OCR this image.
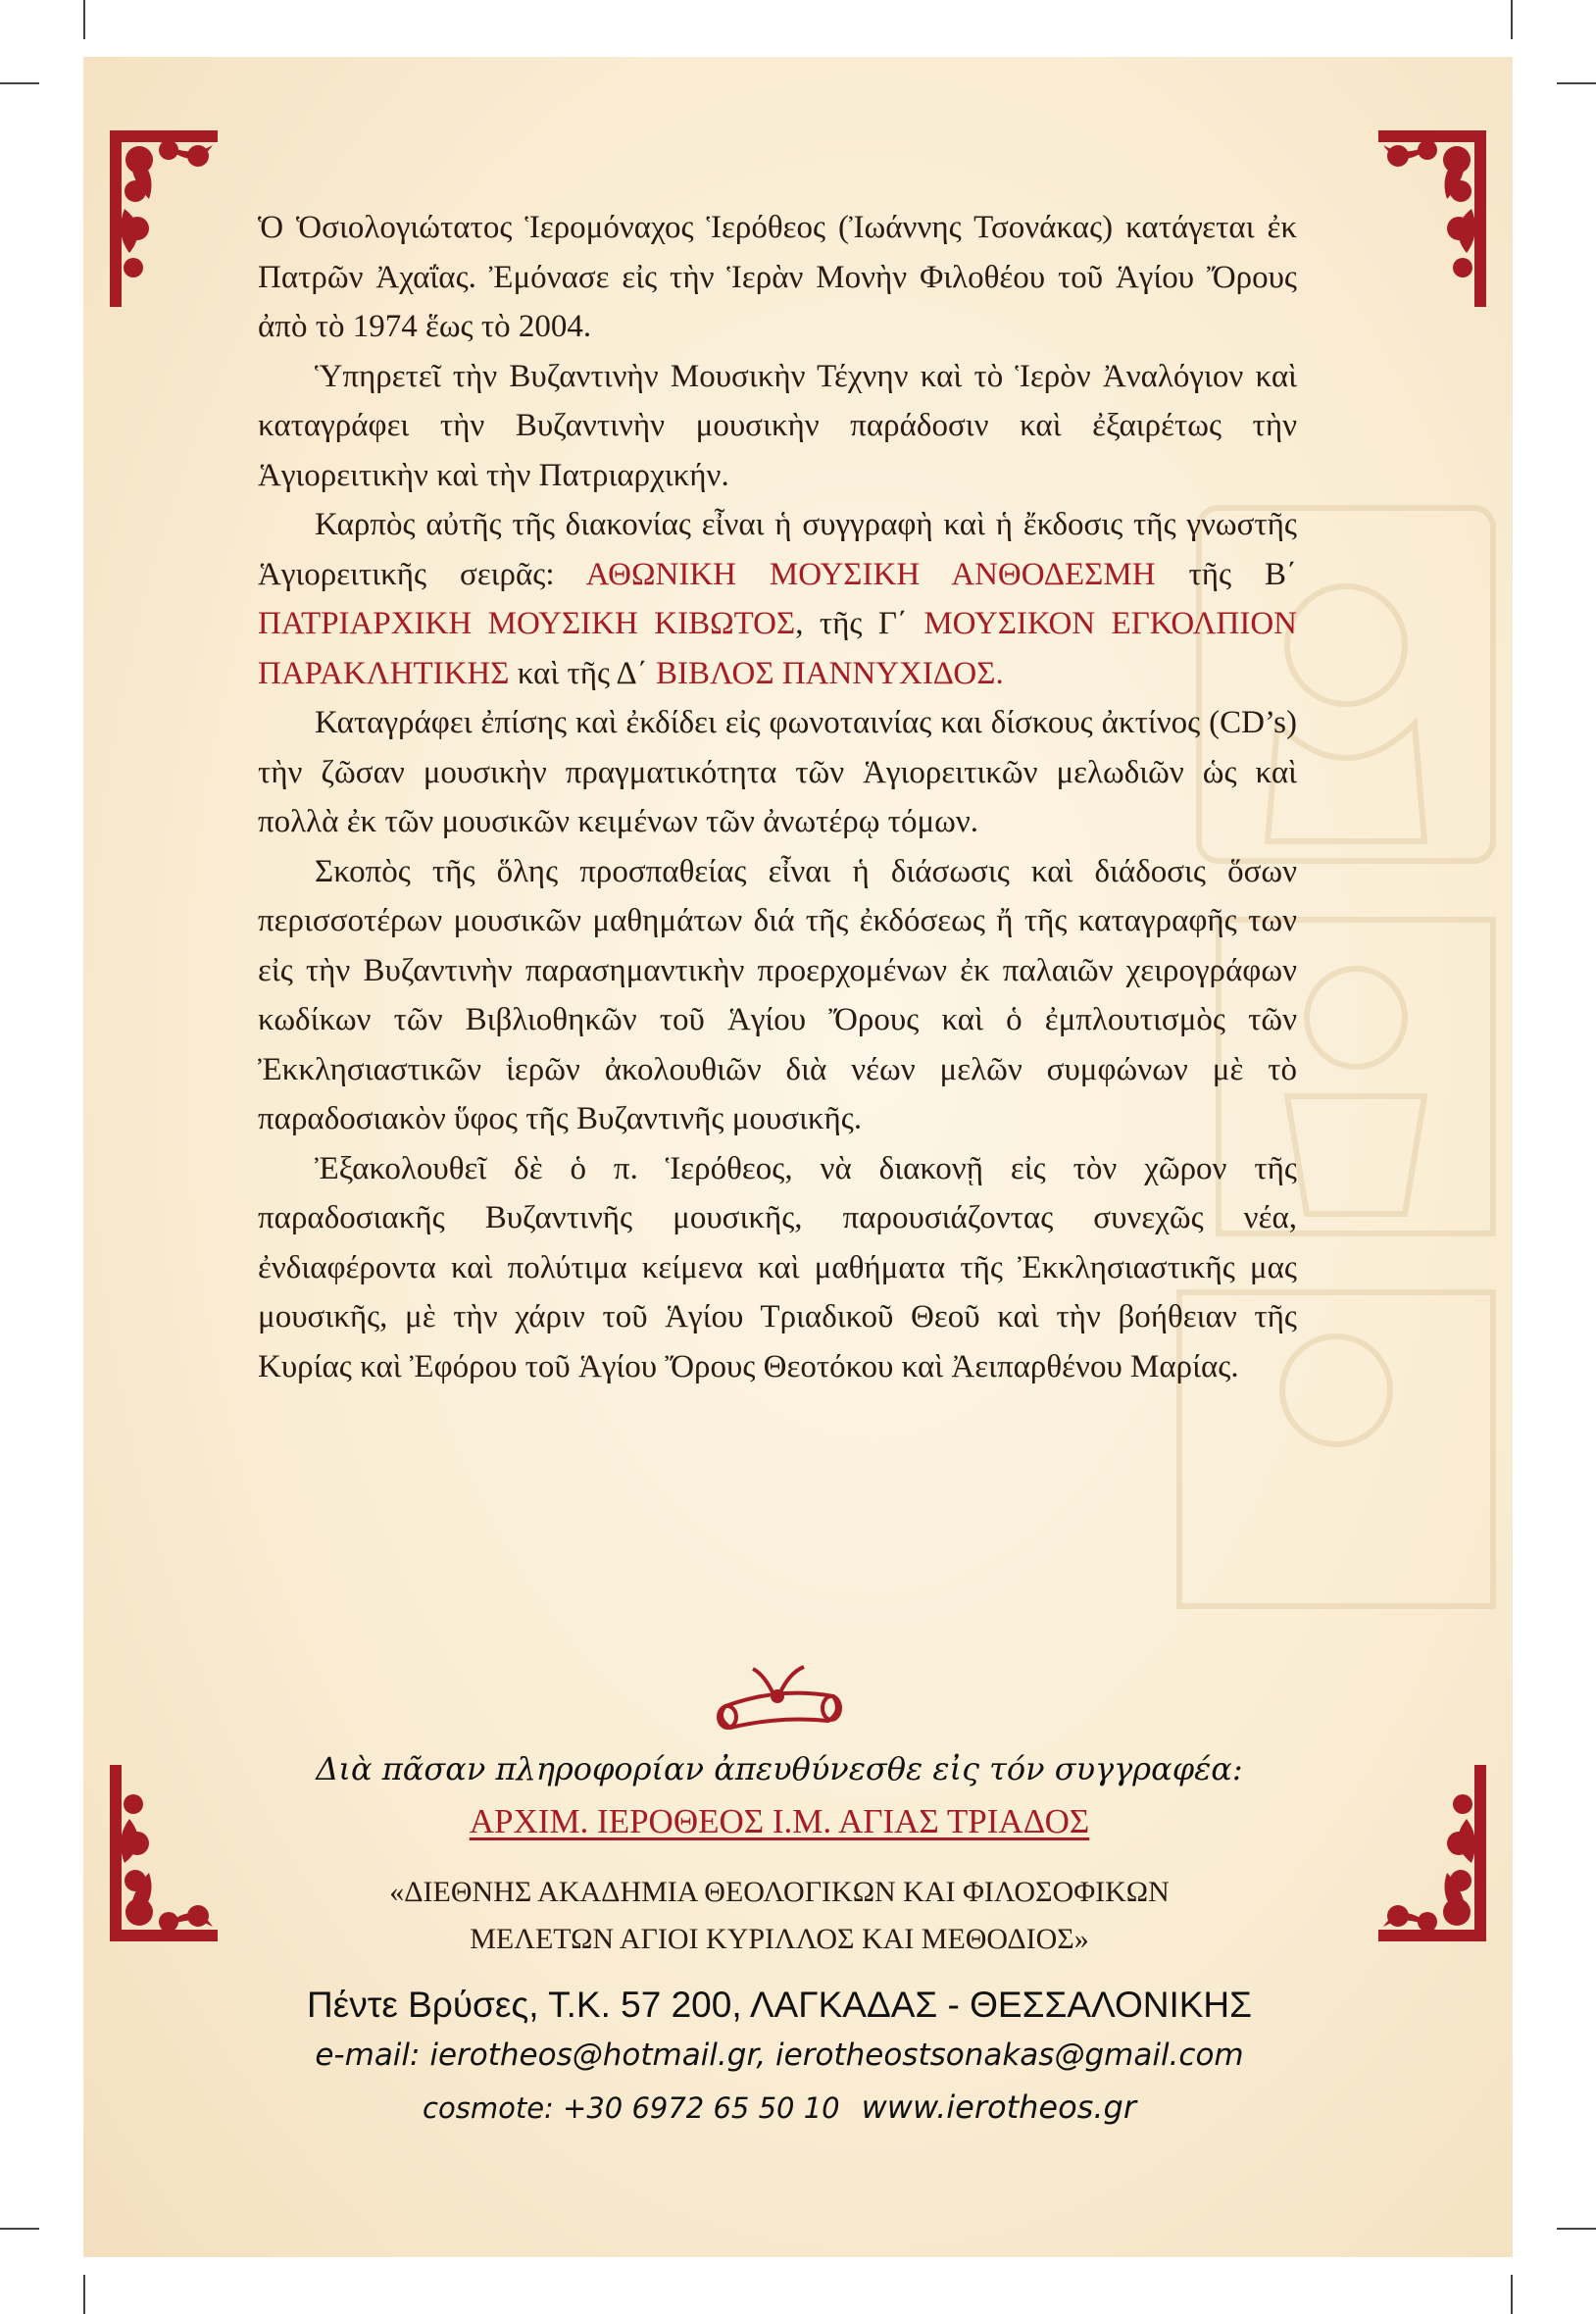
Ὁ Ὁσιολογιώτατος Ἱερομόναχος Ἱερόθεος (Ἰωάννης Τσονάκας) κατάγεται ἐκ Πατρῶν Ἀχαΐας. Ἐμόνασε εἰς τὴν Ἱερὰν Μονὴν Φιλοθέου τοῦ Ἁγίου Ὄρους ἀπὸ τὸ 1974 ἕως τὸ 2004.

Ὑπηρετεῖ τὴν Βυζαντινὴν Μουσικὴν Τέχνην καὶ τὸ Ἱερὸν Ἀναλόγιον καὶ καταγράφει τὴν Βυζαντινὴν μουσικὴν παράδοσιν καὶ ἐξαιρέτως τὴν Ἁγιορειτικὴν καὶ τὴν Πατριαρχικήν.

Καρπὸς αὐτῆς τῆς διακονίας εἶναι ἡ συγγραφὴ καὶ ἡ ἔκδοσις τῆς γνωστῆς Ἁγιορειτικῆς σειρᾶς: ΑΘΩΝΙΚΗ ΜΟΥΣΙΚΗ ΑΝΘΟΔΕΣΜΗ τῆς Β΄ ΠΑΤΡΙΑΡΧΙΚΗ ΜΟΥΣΙΚΗ ΚΙΒΩΤΟΣ, τῆς Γ΄ ΜΟΥΣΙΚΟΝ ΕΓΚΟΛΠΙΟΝ ΠΑΡΑΚΛΗΤΙΚΗΣ καὶ τῆς Δ΄ ΒΙΒΛΟΣ ΠΑΝΝΥΧΙΔΟΣ.

Καταγράφει ἐπίσης καὶ ἐκδίδει εἰς φωνοταινίας και δίσκους ἀκτίνος (CD’s) τὴν ζῶσαν μουσικὴν πραγματικότητα τῶν Ἁγιορειτικῶν μελωδιῶν ὡς καὶ πολλὰ ἐκ τῶν μουσικῶν κειμένων τῶν ἀνωτέρῳ τόμων.

Σκοπὸς τῆς ὅλης προσπαθείας εἶναι ἡ διάσωσις καὶ διάδοσις ὅσων περισσοτέρων μουσικῶν μαθημάτων διά τῆς ἐκδόσεως ἤ τῆς καταγραφῆς των εἰς τὴν Βυζαντινὴν παρασημαντικὴν προερχομένων ἐκ παλαιῶν χειρογράφων κωδίκων τῶν Βιβλιοθηκῶν τοῦ Ἁγίου Ὄρους καὶ ὁ ἐμπλουτισμὸς τῶν Ἐκκλησιαστικῶν ἱερῶν ἀκολουθιῶν διὰ νέων μελῶν συμφώνων μὲ τὸ παραδοσιακὸν ὕφος τῆς Βυζαντινῆς μουσικῆς.

Ἐξακολουθεῖ δὲ ὁ π. Ἱερόθεος, νὰ διακονῇ εἰς τὸν χῶρον τῆς παραδοσιακῆς Βυζαντινῆς μουσικῆς, παρουσιάζοντας συνεχῶς νέα, ἐνδιαφέροντα καὶ πολύτιμα κείμενα καὶ μαθήματα τῆς Ἐκκλησιαστικῆς μας μουσικῆς, μὲ τὴν χάριν τοῦ Ἁγίου Τριαδικοῦ Θεοῦ καὶ τὴν βοήθειαν τῆς Κυρίας καὶ Ἐφόρου τοῦ Ἁγίου Ὄρους Θεοτόκου καὶ Ἀειπαρθένου Μαρίας.

Διὰ πᾶσαν πληροφορίαν ἀπευθύνεσθε εἰς τόν συγγραφέα:
ΑΡΧΙΜ. ΙΕΡΟΘΕΟΣ Ι.Μ. ΑΓΙΑΣ ΤΡΙΑΔΟΣ
«ΔΙΕΘΝΗΣ ΑΚΑΔΗΜΙΑ ΘΕΟΛΟΓΙΚΩΝ ΚΑΙ ΦΙΛΟΣΟΦΙΚΩΝ
ΜΕΛΕΤΩΝ ΑΓΙΟΙ ΚΥΡΙΛΛΟΣ ΚΑΙ ΜΕΘΟΔΙΟΣ»
Πέντε Βρύσες, Τ.Κ. 57 200, ΛΑΓΚΑΔΑΣ - ΘΕΣΣΑΛΟΝΙΚΗΣ
e-mail: ierotheos@hotmail.gr, ierotheostsonakas@gmail.com
cosmote: +30 6972 65 50 10 www.ierotheos.gr
